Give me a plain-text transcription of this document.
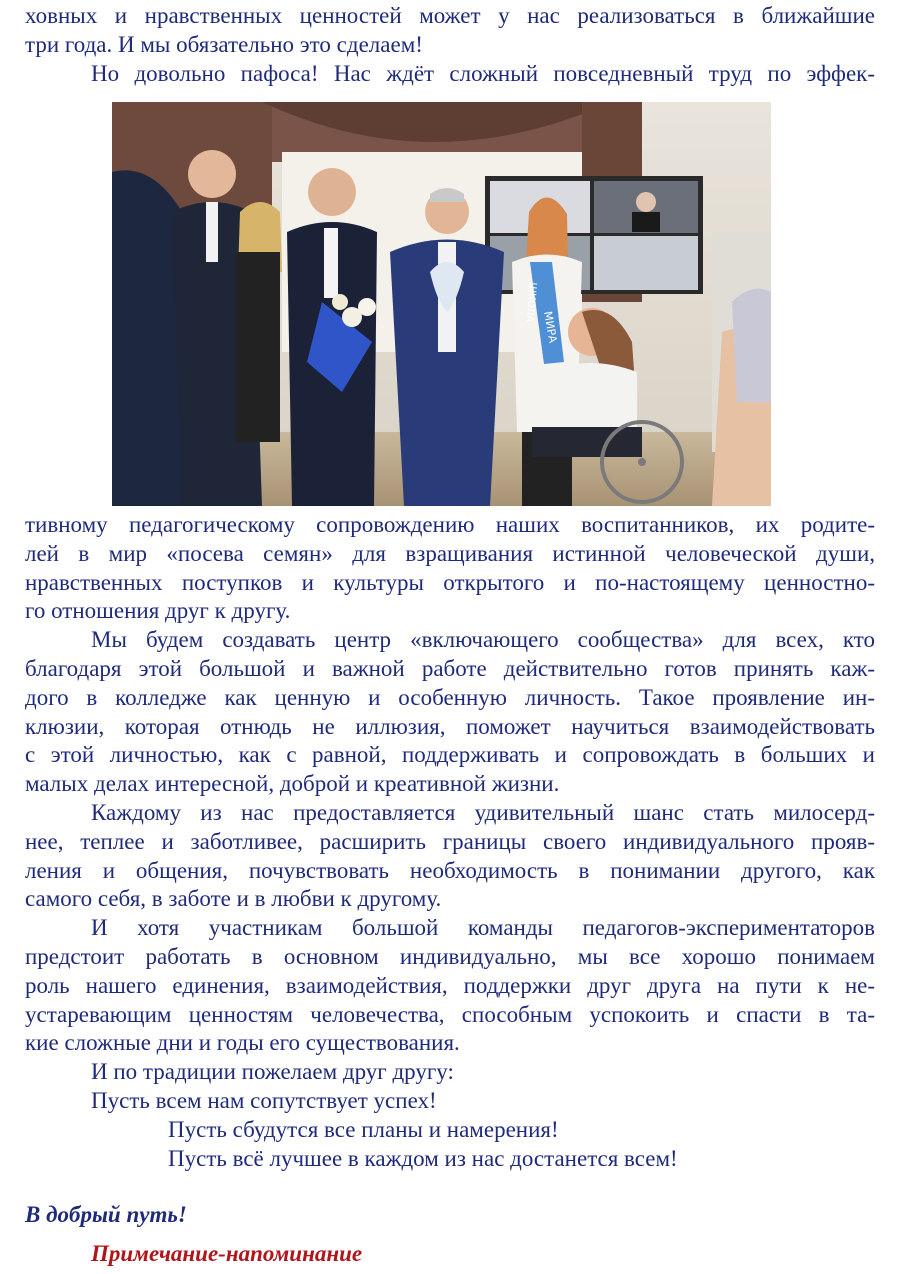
ховных и нравственных ценностей может у нас реализоваться в ближайшие
три года. И мы обязательно это сделаем!
Но довольно пафоса! Нас ждёт сложный повседневный труд по эффек-
МИРА
ШКОЛА
тивному педагогическому сопровождению наших воспитанников, их родите-
лей в мир «посева семян» для взращивания истинной человеческой души,
нравственных поступков и культуры открытого и по-настоящему ценностно-
го отношения друг к другу.
Мы будем создавать центр «включающего сообщества» для всех, кто
благодаря этой большой и важной работе действительно готов принять каж-
дого в колледже как ценную и особенную личность. Такое проявление ин-
клюзии, которая отнюдь не иллюзия, поможет научиться взаимодействовать
с этой личностью, как с равной, поддерживать и сопровождать в больших и
малых делах интересной, доброй и креативной жизни.
Каждому из нас предоставляется удивительный шанс стать милосерд-
нее, теплее и заботливее, расширить границы своего индивидуального прояв-
ления и общения, почувствовать необходимость в понимании другого, как
самого себя, в заботе и в любви к другому.
И хотя участникам большой команды педагогов-экспериментаторов
предстоит работать в основном индивидуально, мы все хорошо понимаем
роль нашего единения, взаимодействия, поддержки друг друга на пути к не-
устаревающим ценностям человечества, способным успокоить и спасти в та-
кие сложные дни и годы его существования.
И по традиции пожелаем друг другу:
Пусть всем нам сопутствует успех!
Пусть сбудутся все планы и намерения!
Пусть всё лучшее в каждом из нас достанется всем!
В добрый путь!
Примечание-напоминание
